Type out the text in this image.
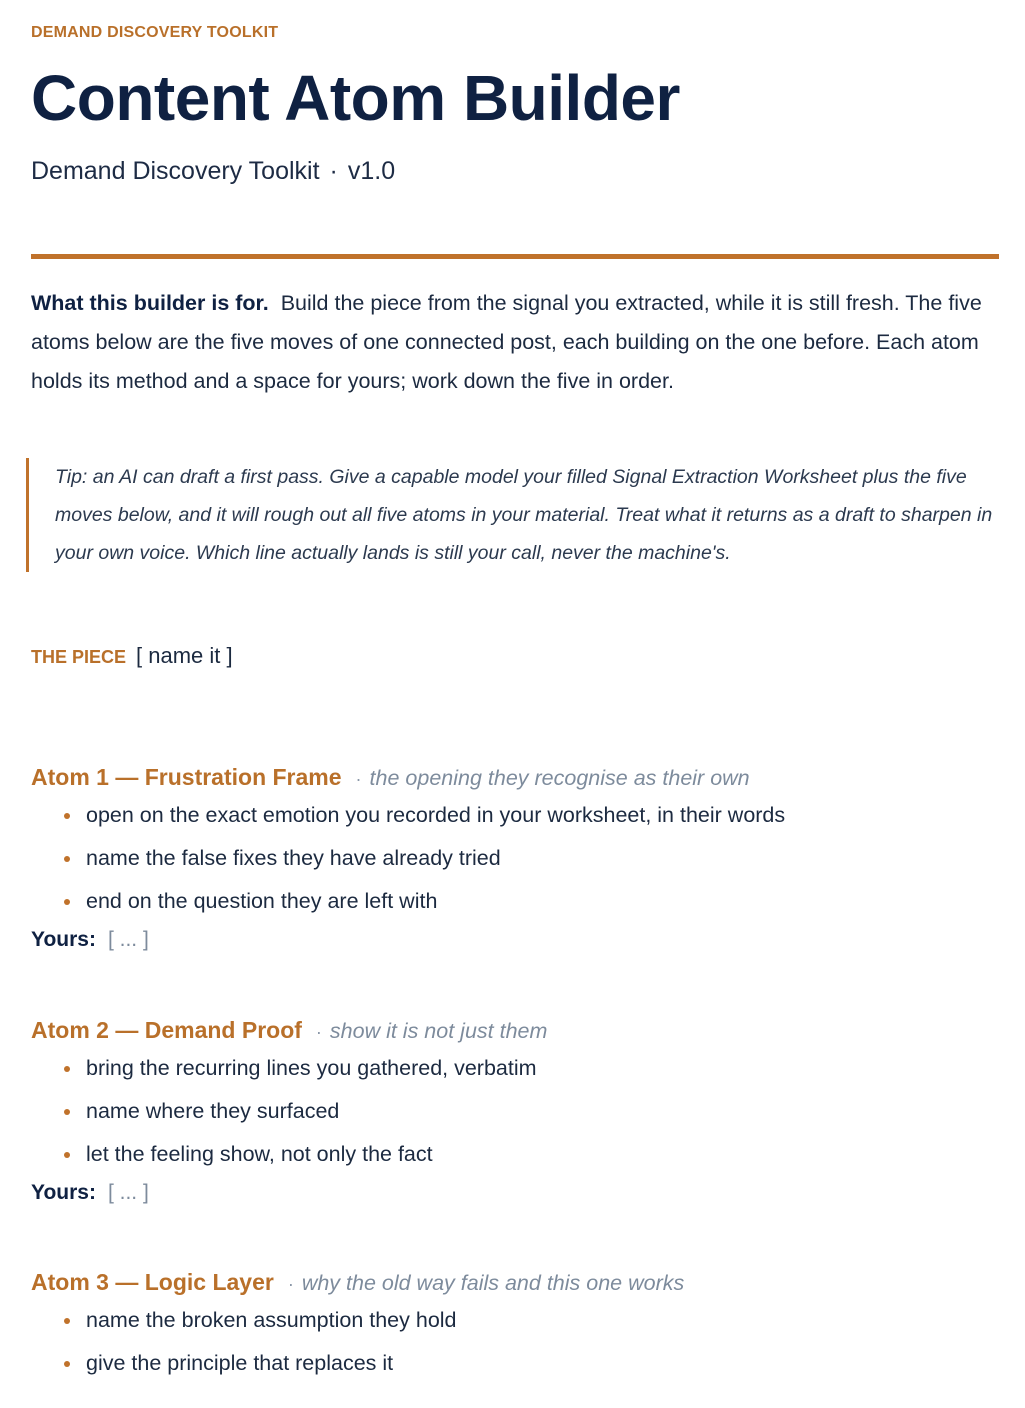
DEMAND DISCOVERY TOOLKIT
Content Atom Builder
Demand Discovery Toolkit · v1.0
What this builder is for. Build the piece from the signal you extracted, while it is still fresh. The five atoms below are the five moves of one connected post, each building on the one before. Each atom holds its method and a space for yours; work down the five in order.
Tip: an AI can draft a first pass. Give a capable model your filled Signal Extraction Worksheet plus the five moves below, and it will rough out all five atoms in your material. Treat what it returns as a draft to sharpen in your own voice. Which line actually lands is still your call, never the machine's.
THE PIECE [ name it ]
Atom 1 — Frustration Frame · the opening they recognise as their own
open on the exact emotion you recorded in your worksheet, in their words
name the false fixes they have already tried
end on the question they are left with
Yours: [ ... ]
Atom 2 — Demand Proof · show it is not just them
bring the recurring lines you gathered, verbatim
name where they surfaced
let the feeling show, not only the fact
Yours: [ ... ]
Atom 3 — Logic Layer · why the old way fails and this one works
name the broken assumption they hold
give the principle that replaces it
